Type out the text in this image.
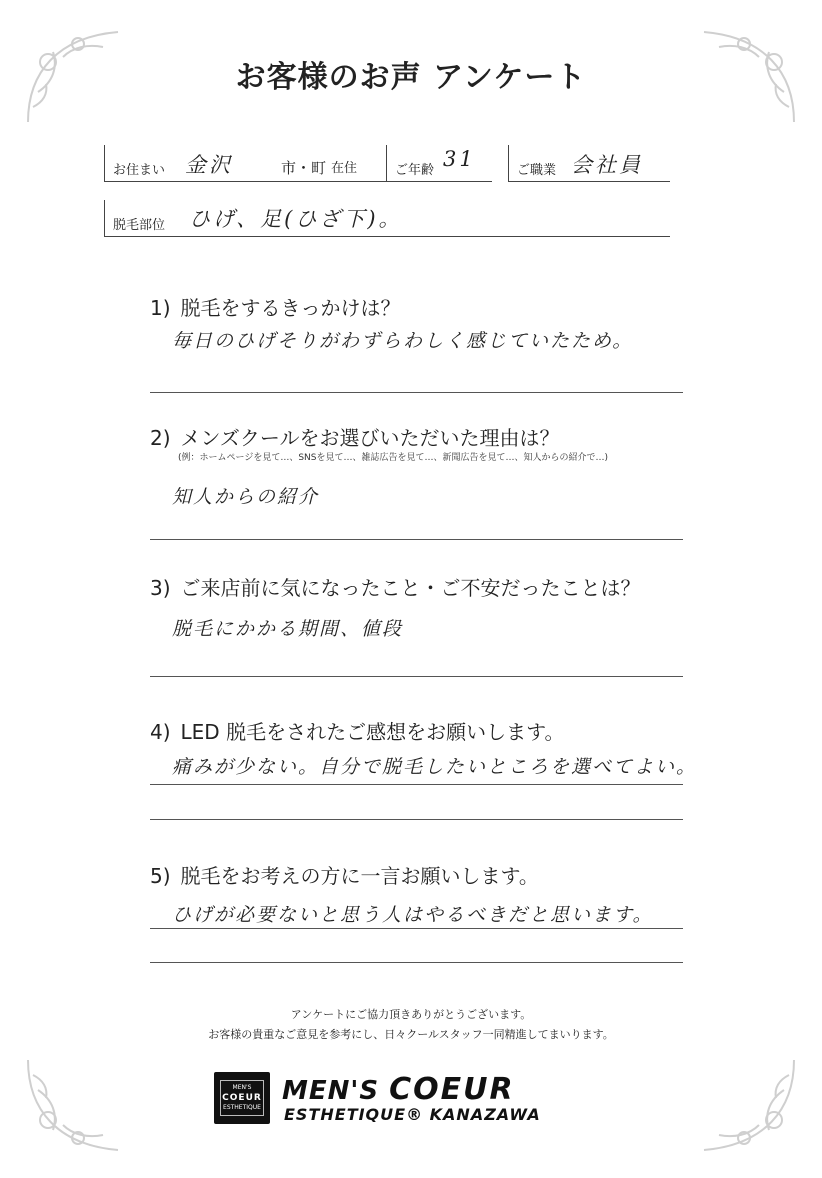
お客様のお声 アンケート
お住まい 金沢	市・町 在住	ご年齢 31	ご職業 会社員
脱毛部位 ひげ、足(ひざ下)。
1) 脱毛をするきっかけは？
毎日のひげそりがわずらわしく感じていたため。
2) メンズクールをお選びいただいた理由は？
(例：ホームページを見て…、SNSを見て…、雑誌広告を見て…、新聞広告を見て…、知人からの紹介で…)
知人からの紹介
3) ご来店前に気になったこと・ご不安だったことは？
脱毛にかかる期間、値段
4) LED 脱毛をされたご感想をお願いします。
痛みが少ない。自分で脱毛したいところを選べてよい。
5) 脱毛をお考えの方に一言お願いします。
ひげが必要ないと思う人はやるべきだと思います。
アンケートにご協力頂きありがとうございます。
お客様の貴重なご意見を参考にし、日々クールスタッフ一同精進してまいります。
MEN'S
COEUR
ESTHETIQUE
MEN'S COEUR
ESTHETIQUE® KANAZAWA
